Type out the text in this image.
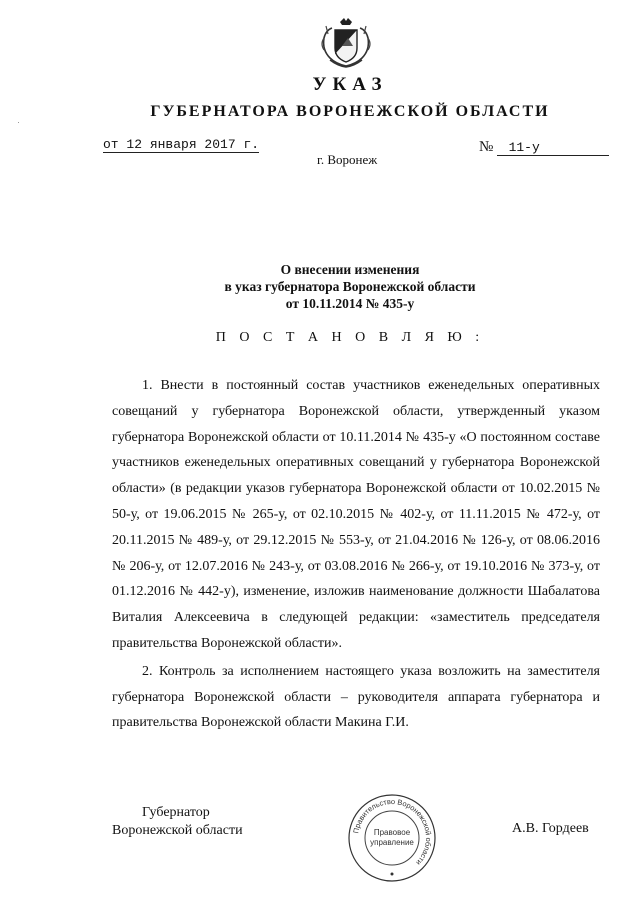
УКАЗ
ГУБЕРНАТОРА ВОРОНЕЖСКОЙ ОБЛАСТИ
от 12 января 2017 г.	№ 11-у
г. Воронеж
О внесении изменения
в указ губернатора Воронежской области
от 10.11.2014 № 435-у
П О С Т А Н О В Л Я Ю :

1. Внести в постоянный состав участников еженедельных оперативных совещаний у губернатора Воронежской области, утвержденный указом губернатора Воронежской области от 10.11.2014 № 435-у «О постоянном составе участников еженедельных оперативных совещаний у губернатора Воронежской области» (в редакции указов губернатора Воронежской области от 10.02.2015 № 50-у, от 19.06.2015 № 265-у, от 02.10.2015 № 402-у, от 11.11.2015 № 472-у, от 20.11.2015 № 489-у, от 29.12.2015 № 553-у, от 21.04.2016 № 126-у, от 08.06.2016 № 206-у, от 12.07.2016 № 243-у, от 03.08.2016 № 266-у, от 19.10.2016 № 373-у, от 01.12.2016 № 442-у), изменение, изложив наименование должности Шабалатова Виталия Алексеевича в следующей редакции: «заместитель председателя правительства Воронежской области».

2. Контроль за исполнением настоящего указа возложить на заместителя губернатора Воронежской области – руководителя аппарата губернатора и правительства Воронежской области Макина Г.И.

Губернатор
Воронежской области	Правительство Воронежской области
Правовое
управление
А.В. Гордеев
